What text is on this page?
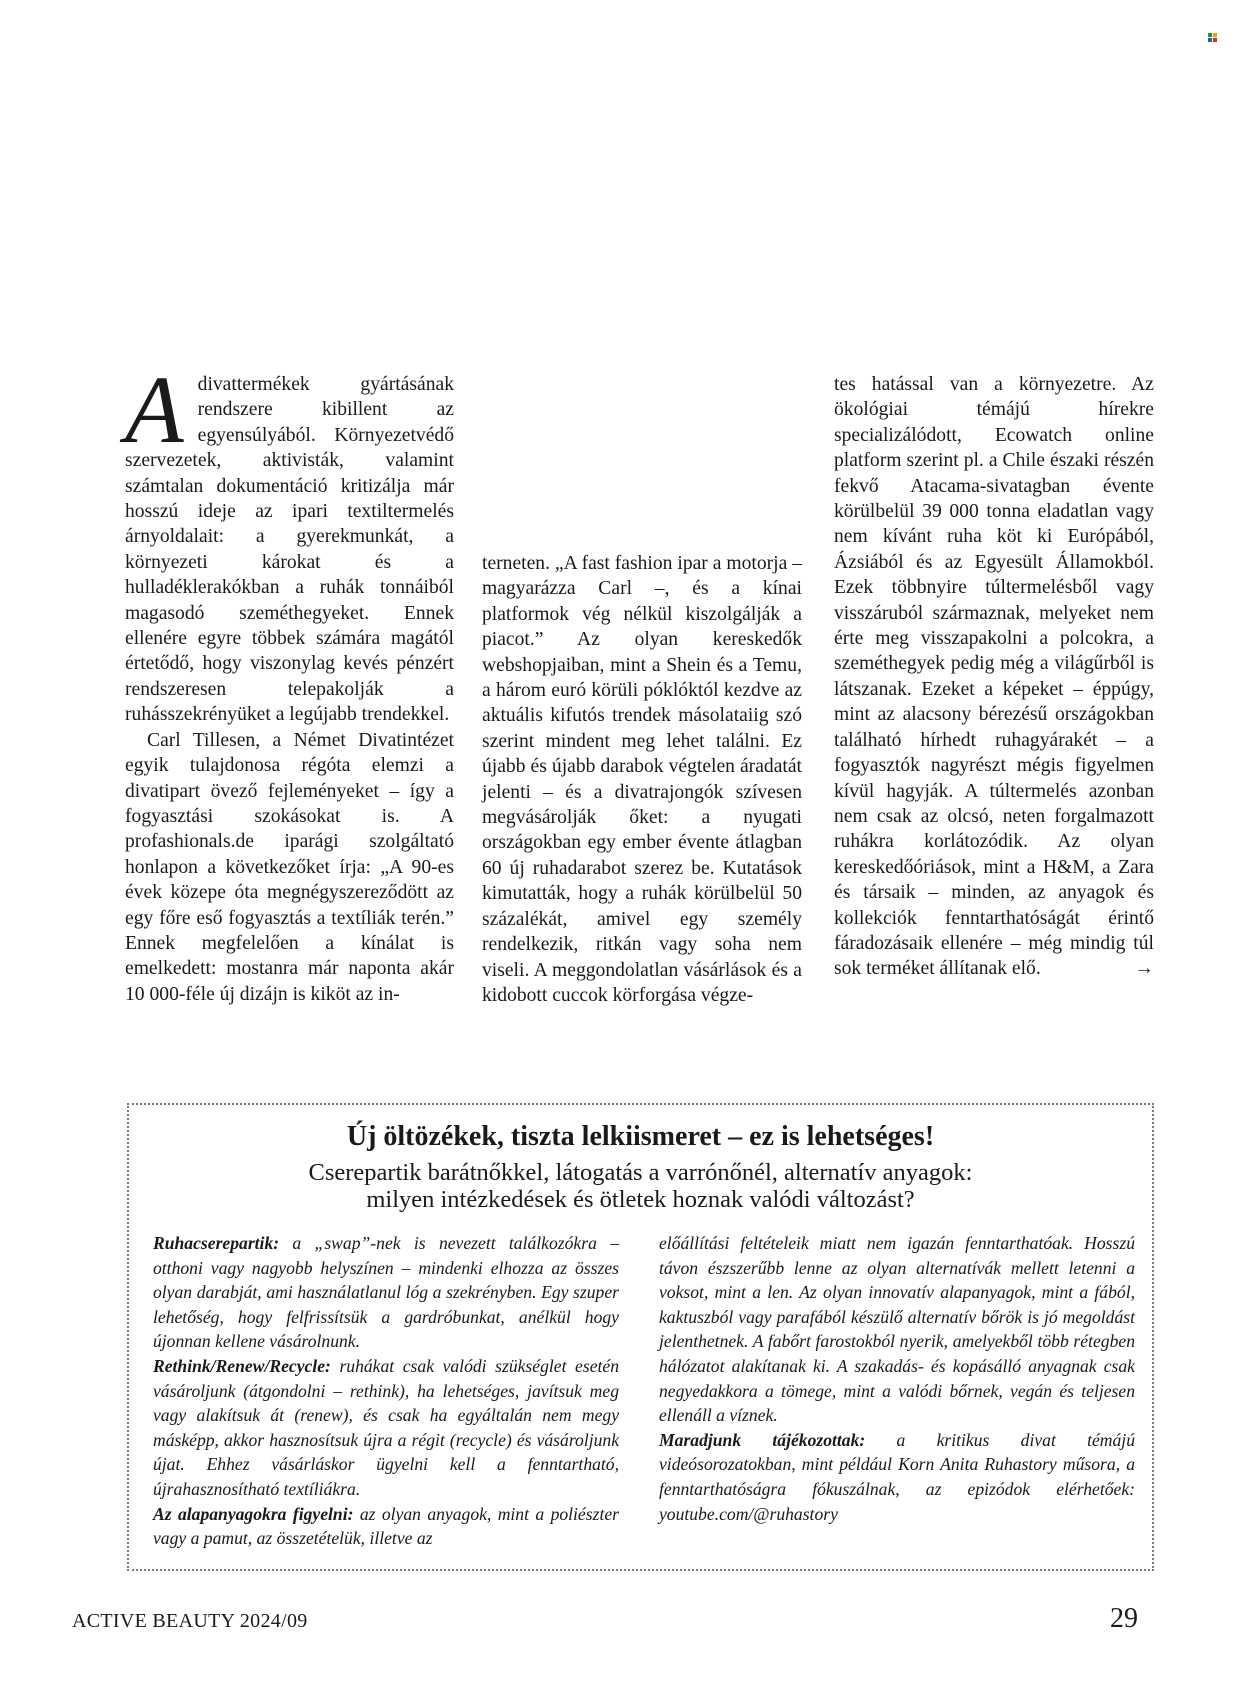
A divattermékek gyártásának rendszere kibillent az egyensúlyából. Környezetvédő szervezetek, aktivisták, valamint számtalan dokumentáció kritizálja már hosszú ideje az ipari textiltermelés árnyoldalait: a gyerekmunkát, a környezeti károkat és a hulladéklerakókban a ruhák tonnáiból magasodó szeméthegyeket. Ennek ellenére egyre többek számára magától értetődő, hogy viszonylag kevés pénzért rendszeresen telepakolják a ruhásszekrényüket a legújabb trendekkel.

Carl Tillesen, a Német Divatintézet egyik tulajdonosa régóta elemzi a divatipart övező fejleményeket – így a fogyasztási szokásokat is. A profashionals.de iparági szolgáltató honlapon a következőket írja: „A 90-es évek közepe óta megnégyszereződött az egy főre eső fogyasztás a textíliák terén.” Ennek megfelelően a kínálat is emelkedett: mostanra már naponta akár 10 000-féle új dizájn is kiköt az in-

terneten. „A fast fashion ipar a motorja – magyarázza Carl –, és a kínai platformok vég nélkül kiszolgálják a piacot.” Az olyan kereskedők webshopjaiban, mint a Shein és a Temu, a három euró körüli póklóktól kezdve az aktuális kifutós trendek másolataiig szó szerint mindent meg lehet találni. Ez újabb és újabb darabok végtelen áradatát jelenti – és a divatrajongók szívesen megvásárolják őket: a nyugati országokban egy ember évente átlagban 60 új ruhadarabot szerez be. Kutatások kimutatták, hogy a ruhák körülbelül 50 százalékát, amivel egy személy rendelkezik, ritkán vagy soha nem viseli. A meggondolatlan vásárlások és a kidobott cuccok körforgása végze-

tes hatással van a környezetre. Az ökológiai témájú hírekre specializálódott, Ecowatch online platform szerint pl. a Chile északi részén fekvő Atacama-sivatagban évente körülbelül 39 000 tonna eladatlan vagy nem kívánt ruha köt ki Európából, Ázsiából és az Egyesült Államokból. Ezek többnyire túltermelésből vagy visszáruból származnak, melyeket nem érte meg visszapakolni a polcokra, a szeméthegyek pedig még a világűrből is látszanak. Ezeket a képeket – éppúgy, mint az alacsony bérezésű országokban található hírhedt ruhagyárakét – a fogyasztók nagyrészt mégis figyelmen kívül hagyják. A túltermelés azonban nem csak az olcsó, neten forgalmazott ruhákra korlátozódik. Az olyan kereskedőóriások, mint a H&M, a Zara és társaik – minden, az anyagok és kollekciók fenntarthatóságát érintő fáradozásaik ellenére – még mindig túl sok terméket állítanak elő.	→

Új öltözékek, tiszta lelkiismeret – ez is lehetséges!
Cserepartik barátnőkkel, látogatás a varrónőnél, alternatív anyagok:
milyen intézkedések és ötletek hoznak valódi változást?

Ruhacserepartik: a „swap”-nek is nevezett találkozókra – otthoni vagy nagyobb helyszínen – mindenki elhozza az összes olyan darabját, ami használatlanul lóg a szekrényben. Egy szuper lehetőség, hogy felfrissítsük a gardróbunkat, anélkül hogy újonnan kellene vásárolnunk.

Rethink/Renew/Recycle: ruhákat csak valódi szükséglet esetén vásároljunk (átgondolni – rethink), ha lehetséges, javítsuk meg vagy alakítsuk át (renew), és csak ha egyáltalán nem megy másképp, akkor hasznosítsuk újra a régit (recycle) és vásároljunk újat. Ehhez vásárláskor ügyelni kell a fenntartható, újrahasznosítható textíliákra.

Az alapanyagokra figyelni: az olyan anyagok, mint a poliészter vagy a pamut, az összetételük, illetve az

előállítási feltételeik miatt nem igazán fenntarthatóak. Hosszú távon észszerűbb lenne az olyan alternatívák mellett letenni a voksot, mint a len. Az olyan innovatív alapanyagok, mint a fából, kaktuszból vagy parafából készülő alternatív bőrök is jó megoldást jelenthetnek. A fabőrt farostokból nyerik, amelyekből több rétegben hálózatot alakítanak ki. A szakadás- és kopásálló anyagnak csak negyedakkora a tömege, mint a valódi bőrnek, vegán és teljesen ellenáll a víznek.

Maradjunk tájékozottak: a kritikus divat témájú videósorozatokban, mint például Korn Anita Ruhastory műsora, a fenntarthatóságra fókuszálnak, az epizódok elérhetőek: youtube.com/@ruhastory

ACTIVE BEAUTY 2024/09	29
